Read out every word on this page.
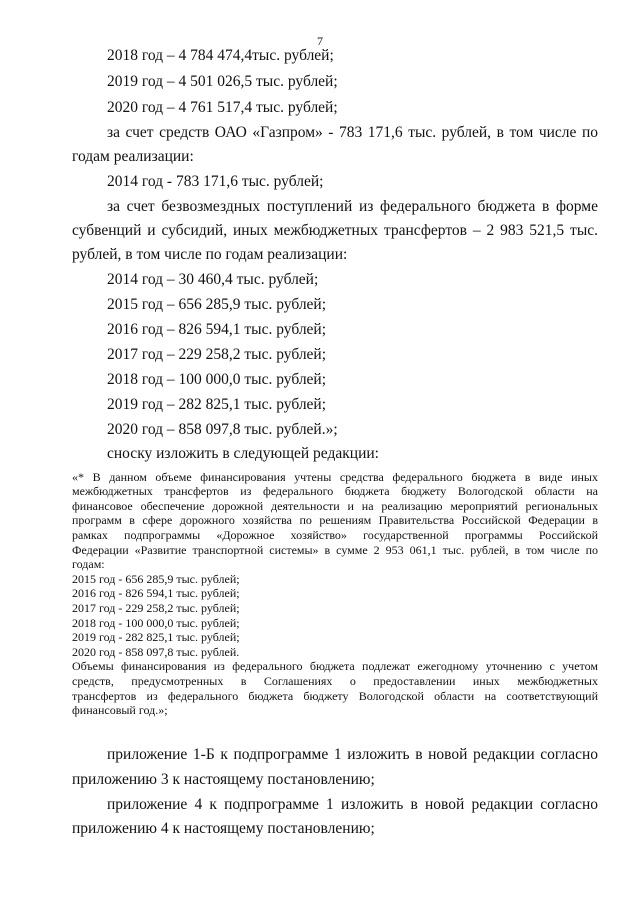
7
2018 год – 4 784 474,4тыс. рублей;
2019 год – 4 501 026,5 тыс. рублей;
2020 год – 4 761 517,4 тыс. рублей;
за счет средств ОАО «Газпром» - 783 171,6 тыс. рублей, в том числе по
годам реализации:
2014 год - 783 171,6 тыс. рублей;
за счет безвозмездных поступлений из федерального бюджета в форме
субвенций и субсидий, иных межбюджетных трансфертов – 2 983 521,5 тыс.
рублей, в том числе по годам реализации:
2014 год – 30 460,4 тыс. рублей;
2015 год – 656 285,9 тыс. рублей;
2016 год – 826 594,1 тыс. рублей;
2017 год – 229 258,2 тыс. рублей;
2018 год – 100 000,0 тыс. рублей;
2019 год – 282 825,1 тыс. рублей;
2020 год – 858 097,8 тыс. рублей.»;
сноску изложить в следующей редакции:
«* В данном объеме финансирования учтены средства федерального бюджета в виде иных
межбюджетных трансфертов из федерального бюджета бюджету Вологодской области на
финансовое обеспечение дорожной деятельности и на реализацию мероприятий региональных
программ в сфере дорожного хозяйства по решениям Правительства Российской Федерации в
рамках подпрограммы «Дорожное хозяйство» государственной программы Российской
Федерации «Развитие транспортной системы» в сумме 2 953 061,1 тыс. рублей, в том числе по
годам:
2015 год - 656 285,9 тыс. рублей;
2016 год - 826 594,1 тыс. рублей;
2017 год - 229 258,2 тыс. рублей;
2018 год - 100 000,0 тыс. рублей;
2019 год - 282 825,1 тыс. рублей;
2020 год - 858 097,8 тыс. рублей.
Объемы финансирования из федерального бюджета подлежат ежегодному уточнению с учетом
средств, предусмотренных в Соглашениях о предоставлении иных межбюджетных
трансфертов из федерального бюджета бюджету Вологодской области на соответствующий
финансовый год.»;
приложение 1-Б к подпрограмме 1 изложить в новой редакции согласно
приложению 3 к настоящему постановлению;
приложение 4 к подпрограмме 1 изложить в новой редакции согласно
приложению 4 к настоящему постановлению;
